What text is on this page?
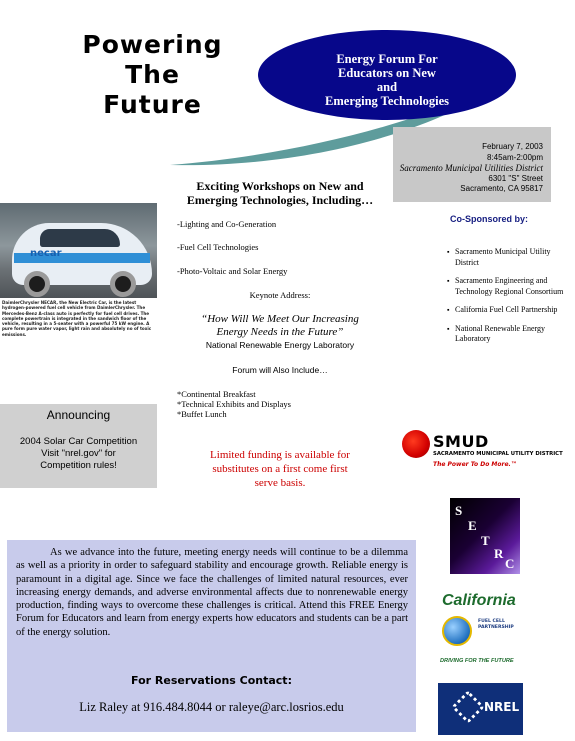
Powering
The
Future
Energy Forum For
Educators on New
and
Emerging Technologies
February 7, 2003
8:45am-2:00pm
Sacramento Municipal Utilities District
6301 "S" Street
Sacramento, CA 95817
necar
DaimlerChrysler NECAR, the New Electric Car, is the latest hydrogen-powered fuel cell vehicle from DaimlerChrysler. The Mercedes-Benz A-class auto is perfectly for fuel cell drives. The complete powertrain is integrated in the sandwich floor of the vehicle, resulting in a 5-seater with a powerful 75 kW engine. A pure form pure water vapor, light rain and absolutely no of toxic emissions.
Exciting Workshops on New and
Emerging Technologies, Including…
-Lighting and Co-Generation
-Fuel Cell Technologies
-Photo-Voltaic and Solar Energy
Keynote Address:
“How Will We Meet Our Increasing
Energy Needs in the Future”
National Renewable Energy Laboratory
Forum will Also Include…
*Continental Breakfast
*Technical Exhibits and Displays
*Buffet Lunch
Limited funding is available for
substitutes on a first come first
serve basis.
Announcing
2004 Solar Car Competition
Visit "nrel.gov" for
Competition rules!
Co-Sponsored by:
▪ Sacramento Municipal Utility District
▪ Sacramento Engineering and Technology Regional Consortium
▪ California Fuel Cell Partnership
▪ National Renewable Energy Laboratory
SMUD
SACRAMENTO MUNICIPAL UTILITY DISTRICT
The Power To Do More.™
S
E
T
R
C
California
FUEL CELL
PARTNERSHIP
DRIVING FOR THE FUTURE
NREL

As we advance into the future, meeting energy needs will continue to be a dilemma as well as a priority in order to safeguard stability and encourage growth. Reliable energy is paramount in a digital age. Since we face the challenges of limited natural resources, ever increasing energy demands, and adverse environmental affects due to nonrenewable energy production, finding ways to overcome these challenges is critical. Attend this FREE Energy Forum for Educators and learn from energy experts how educators and students can be a part of the energy solution.

For Reservations Contact:
Liz Raley at 916.484.8044 or raleye@arc.losrios.edu
